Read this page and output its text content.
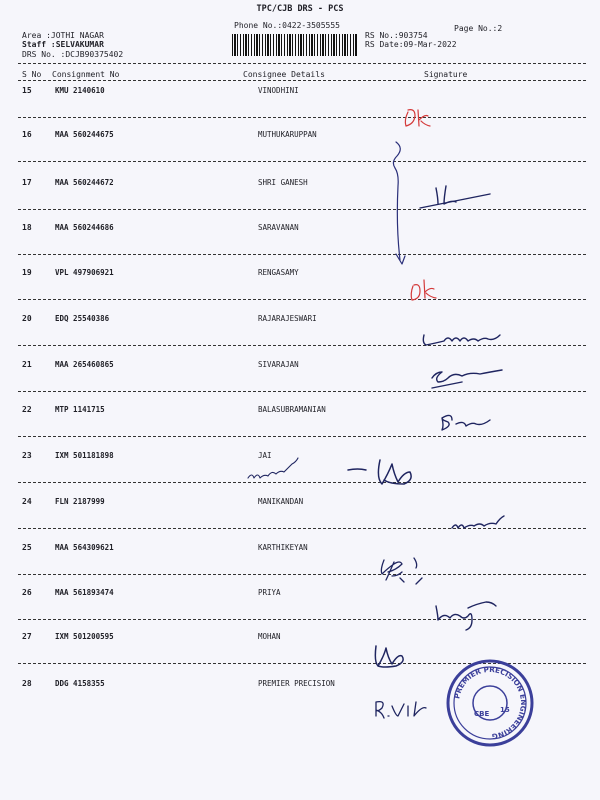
TPC/CJB DRS - PCS
Phone No.:0422-3505555	Page No.:2
Area :JOTHI NAGAR
Staff :SELVAKUMAR
DRS No. :DCJB90375402
RS No.:903754
RS Date:09-Mar-2022
S No Consignment No	Consignee Details	Signature
15	KMU 2140610	VINODHINI
16	MAA 560244675	MUTHUKARUPPAN
17	MAA 560244672	SHRI GANESH
18	MAA 560244686	SARAVANAN
19	VPL 497906921	RENGASAMY
20	EDQ 25540386	RAJARAJESWARI
21	MAA 265460865	SIVARAJAN
22	MTP 1141715	BALASUBRAMANIAN
23	IXM 501181898	JAI
24	FLN 2187999	MANIKANDAN
25	MAA 564309621	KARTHIKEYAN
26	MAA 561893474	PRIYA
27	IXM 501200595	MOHAN
28	DDG 4158355	PREMIER PRECISION
PREMIER PRECISION ENGINEERING
CBE 15
